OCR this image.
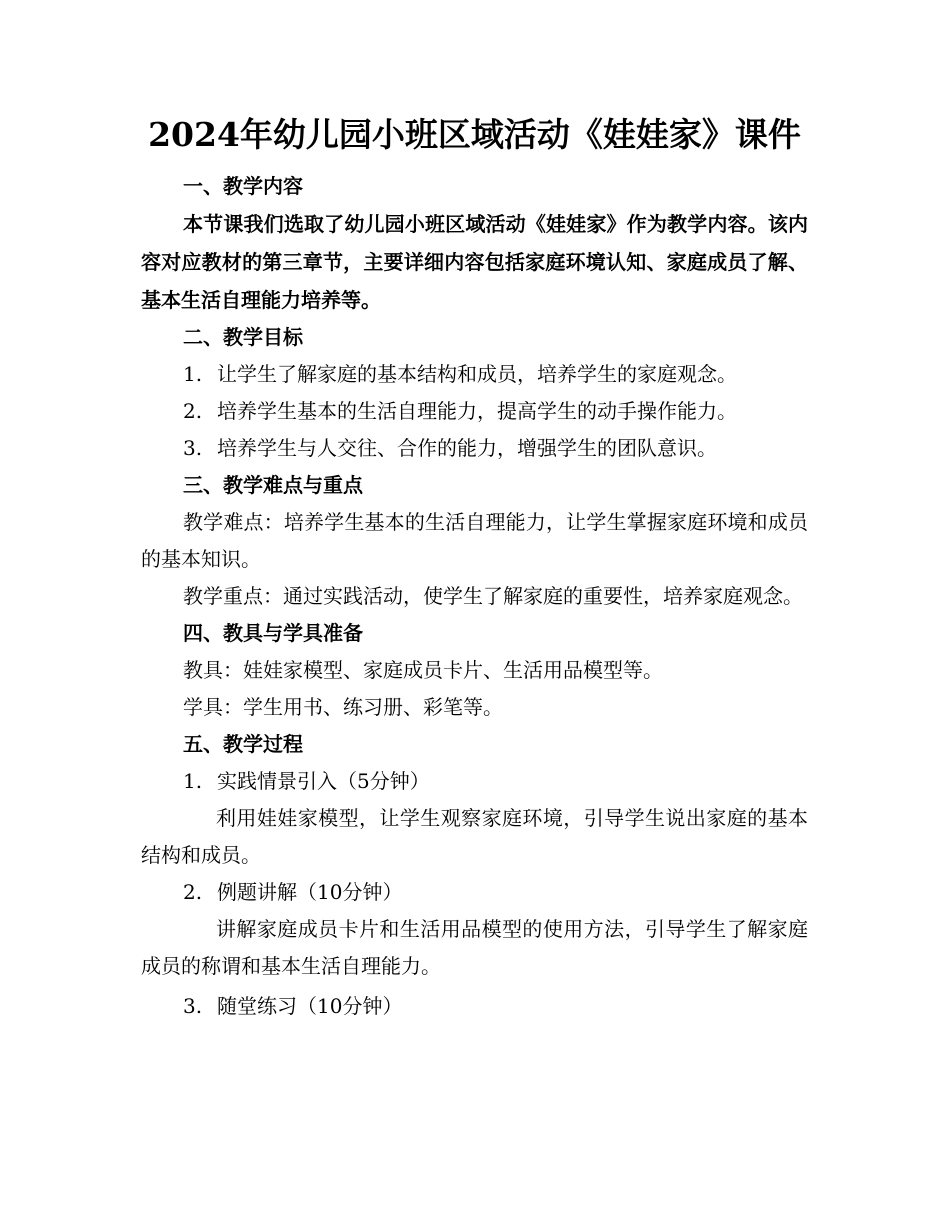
2024年幼儿园小班区域活动《娃娃家》课件

一、教学内容

本节课我们选取了幼儿园小班区域活动《娃娃家》作为教学内容。该内容对应教材的第三章节，主要详细内容包括家庭环境认知、家庭成员了解、基本生活自理能力培养等。

二、教学目标

1. 让学生了解家庭的基本结构和成员，培养学生的家庭观念。

2. 培养学生基本的生活自理能力，提高学生的动手操作能力。

3. 培养学生与人交往、合作的能力，增强学生的团队意识。

三、教学难点与重点

教学难点：培养学生基本的生活自理能力，让学生掌握家庭环境和成员的基本知识。

教学重点：通过实践活动，使学生了解家庭的重要性，培养家庭观念。

四、教具与学具准备

教具：娃娃家模型、家庭成员卡片、生活用品模型等。

学具：学生用书、练习册、彩笔等。

五、教学过程

1. 实践情景引入（5分钟）

利用娃娃家模型，让学生观察家庭环境，引导学生说出家庭的基本结构和成员。

2. 例题讲解（10分钟）

讲解家庭成员卡片和生活用品模型的使用方法，引导学生了解家庭成员的称谓和基本生活自理能力。

3. 随堂练习（10分钟）
